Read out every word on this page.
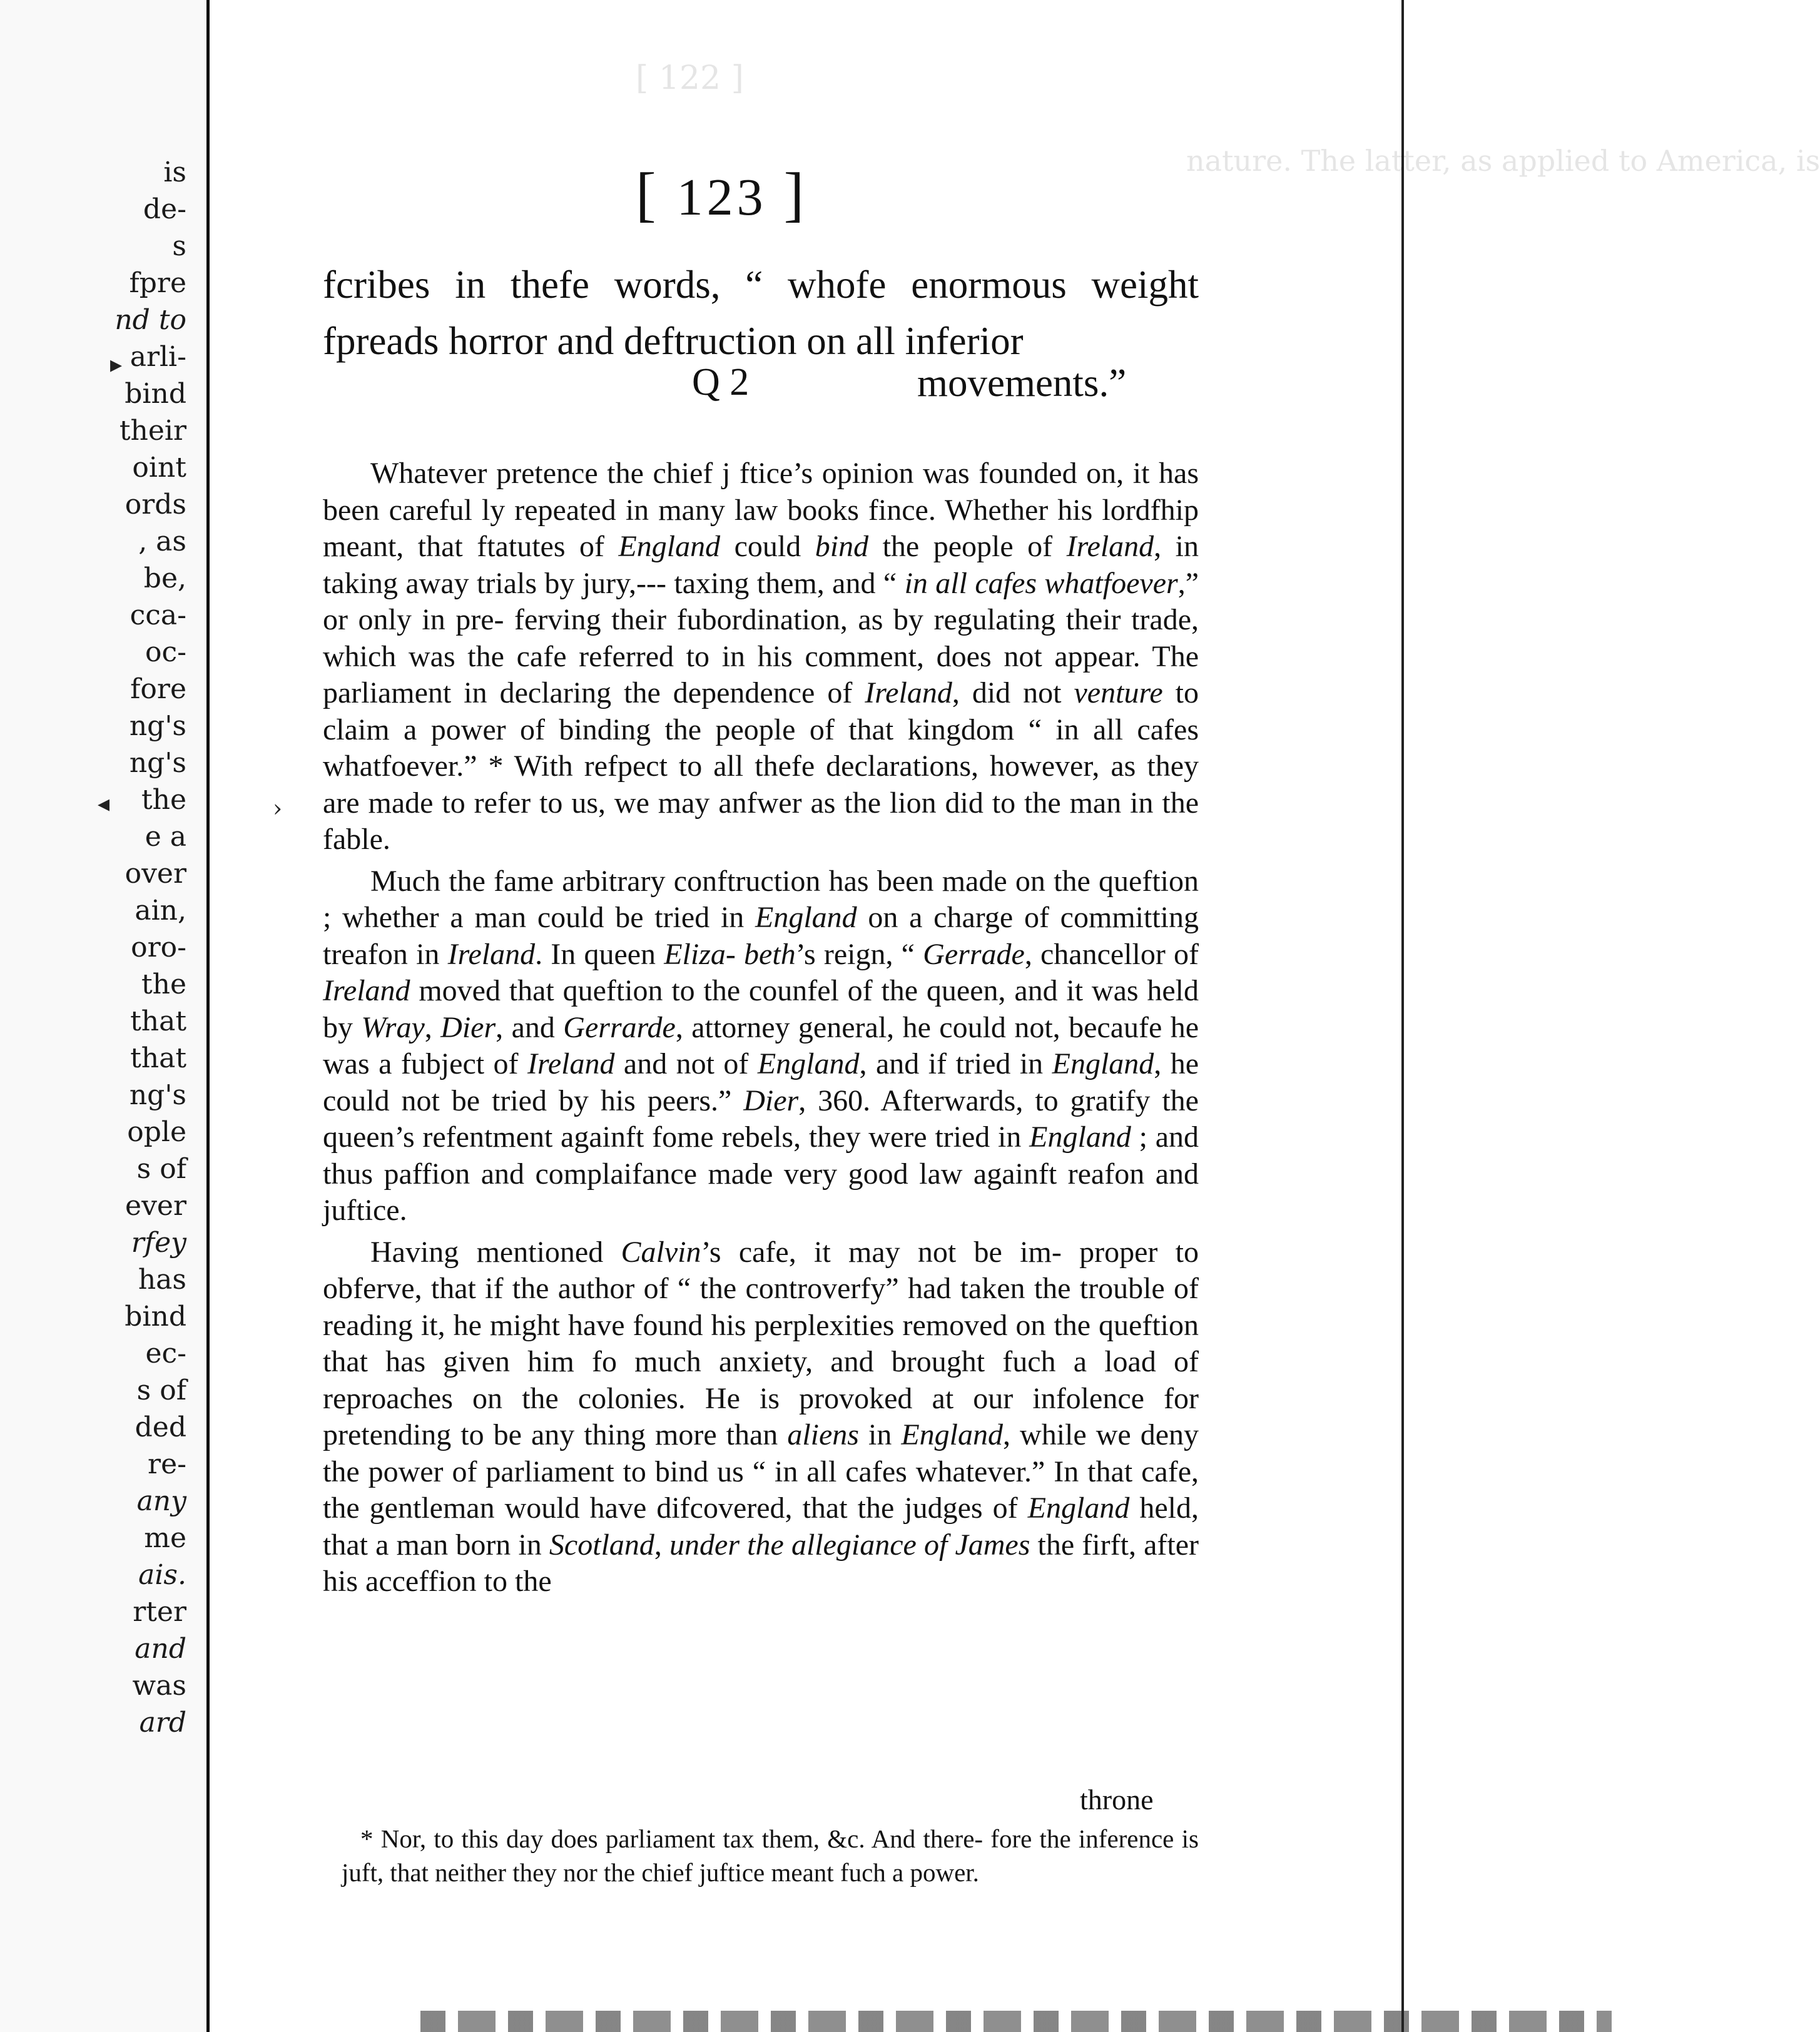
is
de-
s
fpre
nd to
arli-
bind
their
oint
ords
, as
be,
cca-
oc-
fore
ng's
ng's
the
e a
over
ain,
oro-
the
that
that
ng's
ople
s of
ever
rfey
has
bind
ec-
s of
ded
re-
any
me
ais.
rter
and
was
ard
[ 122 ]
nature. The latter, as applied to America, is
[ 123 ]
fcribes in thefe words, “ whofe enormous weight fpreads horror and deftruction on all inferior
Q 2	movements.”

Whatever pretence the chief j ftice’s opinion was founded on, it has been careful ly repeated in many law books fince. Whether his lordfhip meant, that ftatutes of England could bind the people of Ireland, in taking away trials by jury,--- taxing them, and “ in all cafes whatfoever,” or only in pre- ferving their fubordination, as by regulating their trade, which was the cafe referred to in his comment, does not appear. The parliament in declaring the dependence of Ireland, did not venture to claim a power of binding the people of that kingdom “ in all cafes whatfoever.” * With refpect to all thefe declarations, however, as they are made to refer to us, we may anfwer as the lion did to the man in the fable.

Much the fame arbitrary conftruction has been made on the queftion ; whether a man could be tried in England on a charge of committing treafon in Ireland. In queen Eliza- beth’s reign, “ Gerrade, chancellor of Ireland moved that queftion to the counfel of the queen, and it was held by Wray, Dier, and Gerrarde, attorney general, he could not, becaufe he was a fubject of Ireland and not of England, and if tried in England, he could not be tried by his peers.” Dier, 360. Afterwards, to gratify the queen’s refentment againft fome rebels, they were tried in England ; and thus paffion and complaifance made very good law againft reafon and juftice.

Having mentioned Calvin’s cafe, it may not be im- proper to obferve, that if the author of “ the controverfy” had taken the trouble of reading it, he might have found his perplexities removed on the queftion that has given him fo much anxiety, and brought fuch a load of reproaches on the colonies. He is provoked at our infolence for pretending to be any thing more than aliens in England, while we deny the power of parliament to bind us “ in all cafes whatever.” In that cafe, the gentleman would have difcovered, that the judges of England held, that a man born in Scotland, under the allegiance of James the firft, after his acceffion to the

throne
* Nor, to this day does parliament tax them, &c. And there- fore the inference is juft, that neither they nor the chief juftice meant fuch a power.
▸
◂	›
